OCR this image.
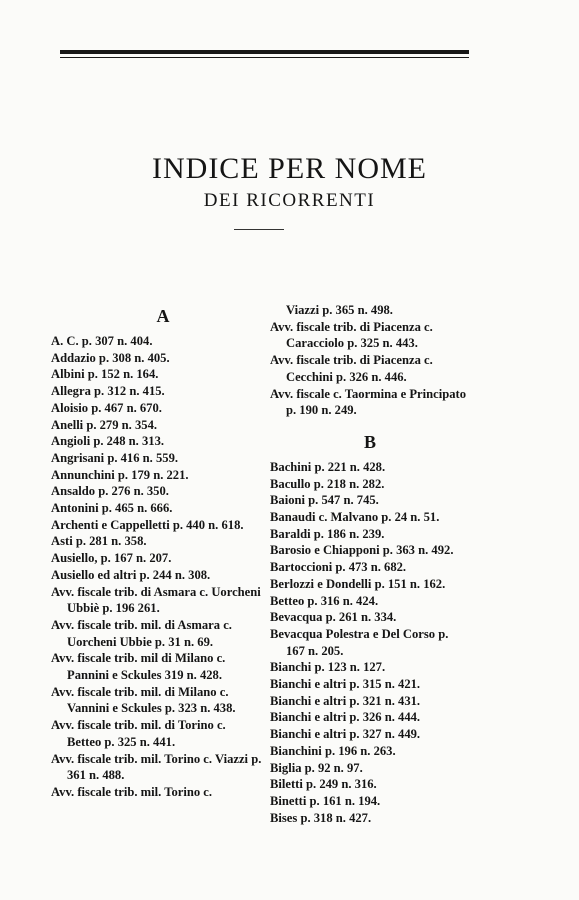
INDICE PER NOME
DEI RICORRENTI
A
A. C. p. 307 n. 404.
Addazio p. 308 n. 405.
Albini p. 152 n. 164.
Allegra p. 312 n. 415.
Aloisio p. 467 n. 670.
Anelli p. 279 n. 354.
Angioli p. 248 n. 313.
Angrisani p. 416 n. 559.
Annunchini p. 179 n. 221.
Ansaldo p. 276 n. 350.
Antonini p. 465 n. 666.
Archenti e Cappelletti p. 440 n. 618.
Asti p. 281 n. 358.
Ausiello, p. 167 n. 207.
Ausiello ed altri p. 244 n. 308.
Avv. fiscale trib. di Asmara c. Uorcheni Ubbiè p. 196 261.
Avv. fiscale trib. mil. di Asmara c. Uorcheni Ubbie p. 31 n. 69.
Avv. fiscale trib. mil di Milano c. Pannini e Sckules 319 n. 428.
Avv. fiscale trib. mil. di Milano c. Vannini e Sckules p. 323 n. 438.
Avv. fiscale trib. mil. di Torino c. Betteo p. 325 n. 441.
Avv. fiscale trib. mil. Torino c. Viazzi p. 361 n. 488.
Avv. fiscale trib. mil. Torino c.
Viazzi p. 365 n. 498.
Avv. fiscale trib. di Piacenza c. Caracciolo p. 325 n. 443.
Avv. fiscale trib. di Piacenza c. Cecchini p. 326 n. 446.
Avv. fiscale c. Taormina e Principato p. 190 n. 249.
B
Bachini p. 221 n. 428.
Bacullo p. 218 n. 282.
Baioni p. 547 n. 745.
Banaudi c. Malvano p. 24 n. 51.
Baraldi p. 186 n. 239.
Barosio e Chiapponi p. 363 n. 492.
Bartoccioni p. 473 n. 682.
Berlozzi e Dondelli p. 151 n. 162.
Betteo p. 316 n. 424.
Bevacqua p. 261 n. 334.
Bevacqua Polestra e Del Corso p. 167 n. 205.
Bianchi p. 123 n. 127.
Bianchi e altri p. 315 n. 421.
Bianchi e altri p. 321 n. 431.
Bianchi e altri p. 326 n. 444.
Bianchi e altri p. 327 n. 449.
Bianchini p. 196 n. 263.
Biglia p. 92 n. 97.
Biletti p. 249 n. 316.
Binetti p. 161 n. 194.
Bises p. 318 n. 427.
